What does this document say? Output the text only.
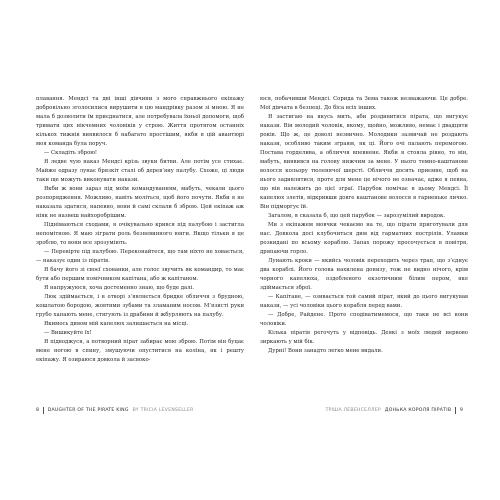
плавання. Мендсі та дві інші дівчини з мого справжнього екіпажу добровільно зголосилися вирушити в цю мандрівку разом зі мною. Я не мала б дозволити їм приєднатися, але потребувала їхньої допомоги, щоб тримати цих нікчемних чоловіків у строю. Життя протягом останніх кількох тижнів виявилося б набагато простішим, якби в цій авантюрі моя команда була поруч.

— Складіть зброю!

Я ледве чую наказ Мендсі крізь звуки битви. Але потім усе стихає. Майже одразу лунає брязкіт сталі об дерев’яну палубу. Схоже, ці люди таки ще можуть виконувати накази.

Якби ж вони зараз під моїм командуванням, мабуть, чекали цього розпорядження. Можливо, навіть моліться, щоб його почути. Якби я не наказала здатися, напевно, вони й самі склали б зброю. Цей екіпаж аж ніяк не назвеш найхоробрішим.

Піднімаються сходами, я очікувально крився під палубою і застигла непомітною. Я маю зіграти роль безневинного юнги. Якщо тільки я це зроблю, то вони все зрозуміють.

— Перевірте під палубою. Переконайтеся, що там ніхто не ховається, — наказує один із піратів.

Я бачу його зі своєї схованки, але голос звучить як командир, то має бути або першим помічником капітана, або ж капітаном.

Я напружуюся, хоча достеменно знаю, що буде далі.

Люк здіймається, і в отворі з’являється бридке обличчя з брудною, кошлатою бородою, жовтими зубами та зламаним носом. М’язисті руки грубо хапають мене, стягують із драбини й жбурляють на палубу.

Якимось дивом мій капелюх залишається на місці.

— Вишикуйте їх!

Я підводжуся, а потворний пірат забирає мою зброю. Потім він буцає мене ногою в спину, змушуючи опуститися на коліна, як і решту екіпажу. Я озираюся довкола й засвоко-

юся, побачивши Мендсі. Сорида та Зема також незважаючи. Це добре. Мої дівчата в безпеці. До біса всіх інших.

Я застигаю на якусь мить, аби роздивитися пірата, що вигукує накази. Він молодий чоловік, якому, щойно, можливо, немає і двадцяти років. Що ж, це доволі незвично. Молодики зазвичай не роздають накази, особливо таким зграям, як ці. Його очі палають перемогою. Постава горделива, а обличчя впевнене. Якби я стояла рівно, то він, мабуть, виявився на голову нижчим за мене. У нього темно-каштанове волосся кольору тюленячої шерсті. Обличчя досить приємне, щоб на нього задивлятися, проте для мене це нічого не означає, адже я певна, що він належить до цієї зграї. Парубок помічає в цьому Мендсі. Її капелюх злетів, відкривши довге каштанове волосся в гарненьке личко. Він підморгує їй.

Загалом, я сказала б, що цей парубок — зарозумілий виродок.

Ми з екіпажем мовчки чекаємо на те, що пірати приготували для нас. Довкола досі клубочиться дим від гарматних пострілів. Уламки розкидані по всьому кораблю. Запах порожу просочується в повітря, дряпаючи горло.

Лунають кроки — якийсь чоловік переходить через трап, що з’єднує два кораблі. Його голова нахилена донизу, тож не видно нічого, крім чорного капелюха, оздобленого екзотичним білим пером, яке здіймається зброї.

— Капітане, — озивається той самий пірат, який до цього вигукував накази, — усі чоловіки цього корабля перед вами.

— Добре, Райдене. Проте сподіватимемося, що таки не всі вони чоловіки.

Кілька піратів регочуть у відповідь. Деякі з моїх людей нервово зиркають у мій бік.

Дурні! Вони занадто легко мене видали.

8 DAUGHTER OF THE PIRATE KING BY TRICIA LEVENSELLER	ТРІША ЛЕВЕНСЕЛЛЕР ДОНЬКА КОРОЛЯ ПІРАТІВ 9
